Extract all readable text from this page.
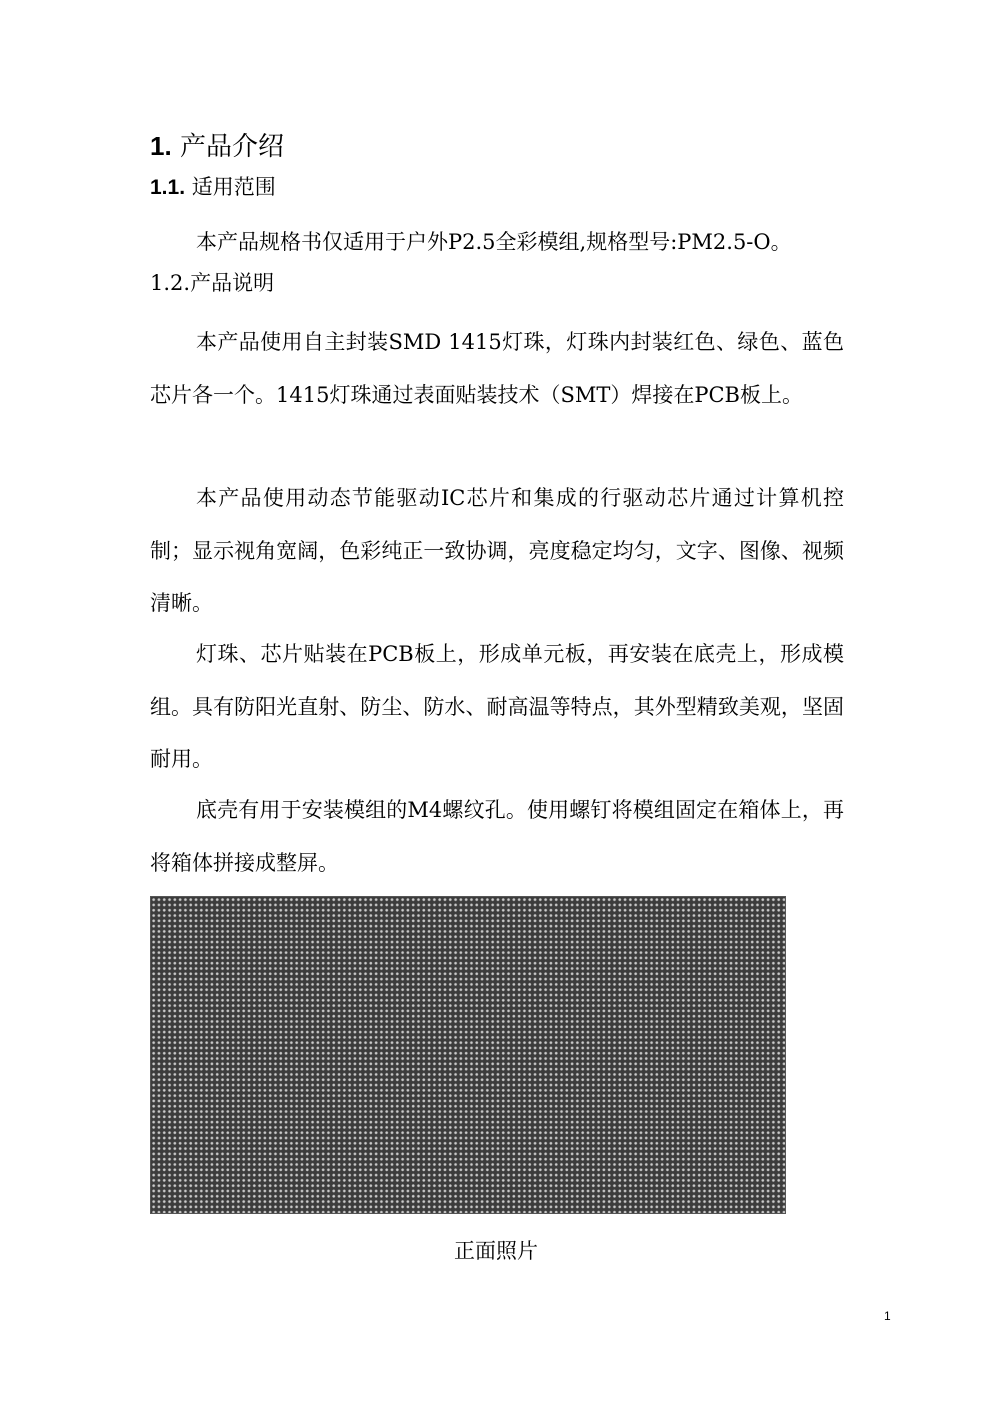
1. 产品介绍
1.1. 适用范围

本产品规格书仅适用于户外P2.5全彩模组,规格型号:PM2.5-O。

1.2.产品说明

本产品使用自主封装SMD 1415灯珠，灯珠内封装红色、绿色、蓝色芯片各一个。1415灯珠通过表面贴装技术（SMT）焊接在PCB板上。

本产品使用动态节能驱动IC芯片和集成的行驱动芯片通过计算机控制；显示视角宽阔，色彩纯正一致协调，亮度稳定均匀，文字、图像、视频清晰。

灯珠、芯片贴装在PCB板上，形成单元板，再安装在底壳上，形成模组。具有防阳光直射、防尘、防水、耐高温等特点，其外型精致美观，坚固耐用。

底壳有用于安装模组的M4螺纹孔。使用螺钉将模组固定在箱体上，再将箱体拼接成整屏。

正面照片
1
